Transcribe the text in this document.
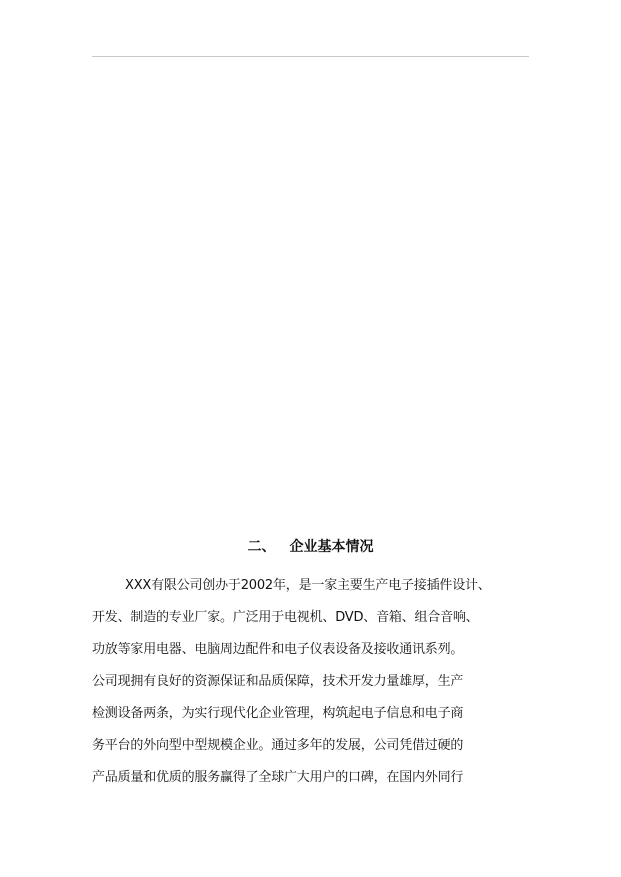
二、 企业基本情况
XXX有限公司创办于2002年，是一家主要生产电子接插件设计、
开发、制造的专业厂家。广泛用于电视机、DVD、音箱、组合音响、
功放等家用电器、电脑周边配件和电子仪表设备及接收通讯系列。
公司现拥有良好的资源保证和品质保障，技术开发力量雄厚，生产
检测设备两条，为实行现代化企业管理，构筑起电子信息和电子商
务平台的外向型中型规模企业。通过多年的发展，公司凭借过硬的
产品质量和优质的服务赢得了全球广大用户的口碑，在国内外同行
